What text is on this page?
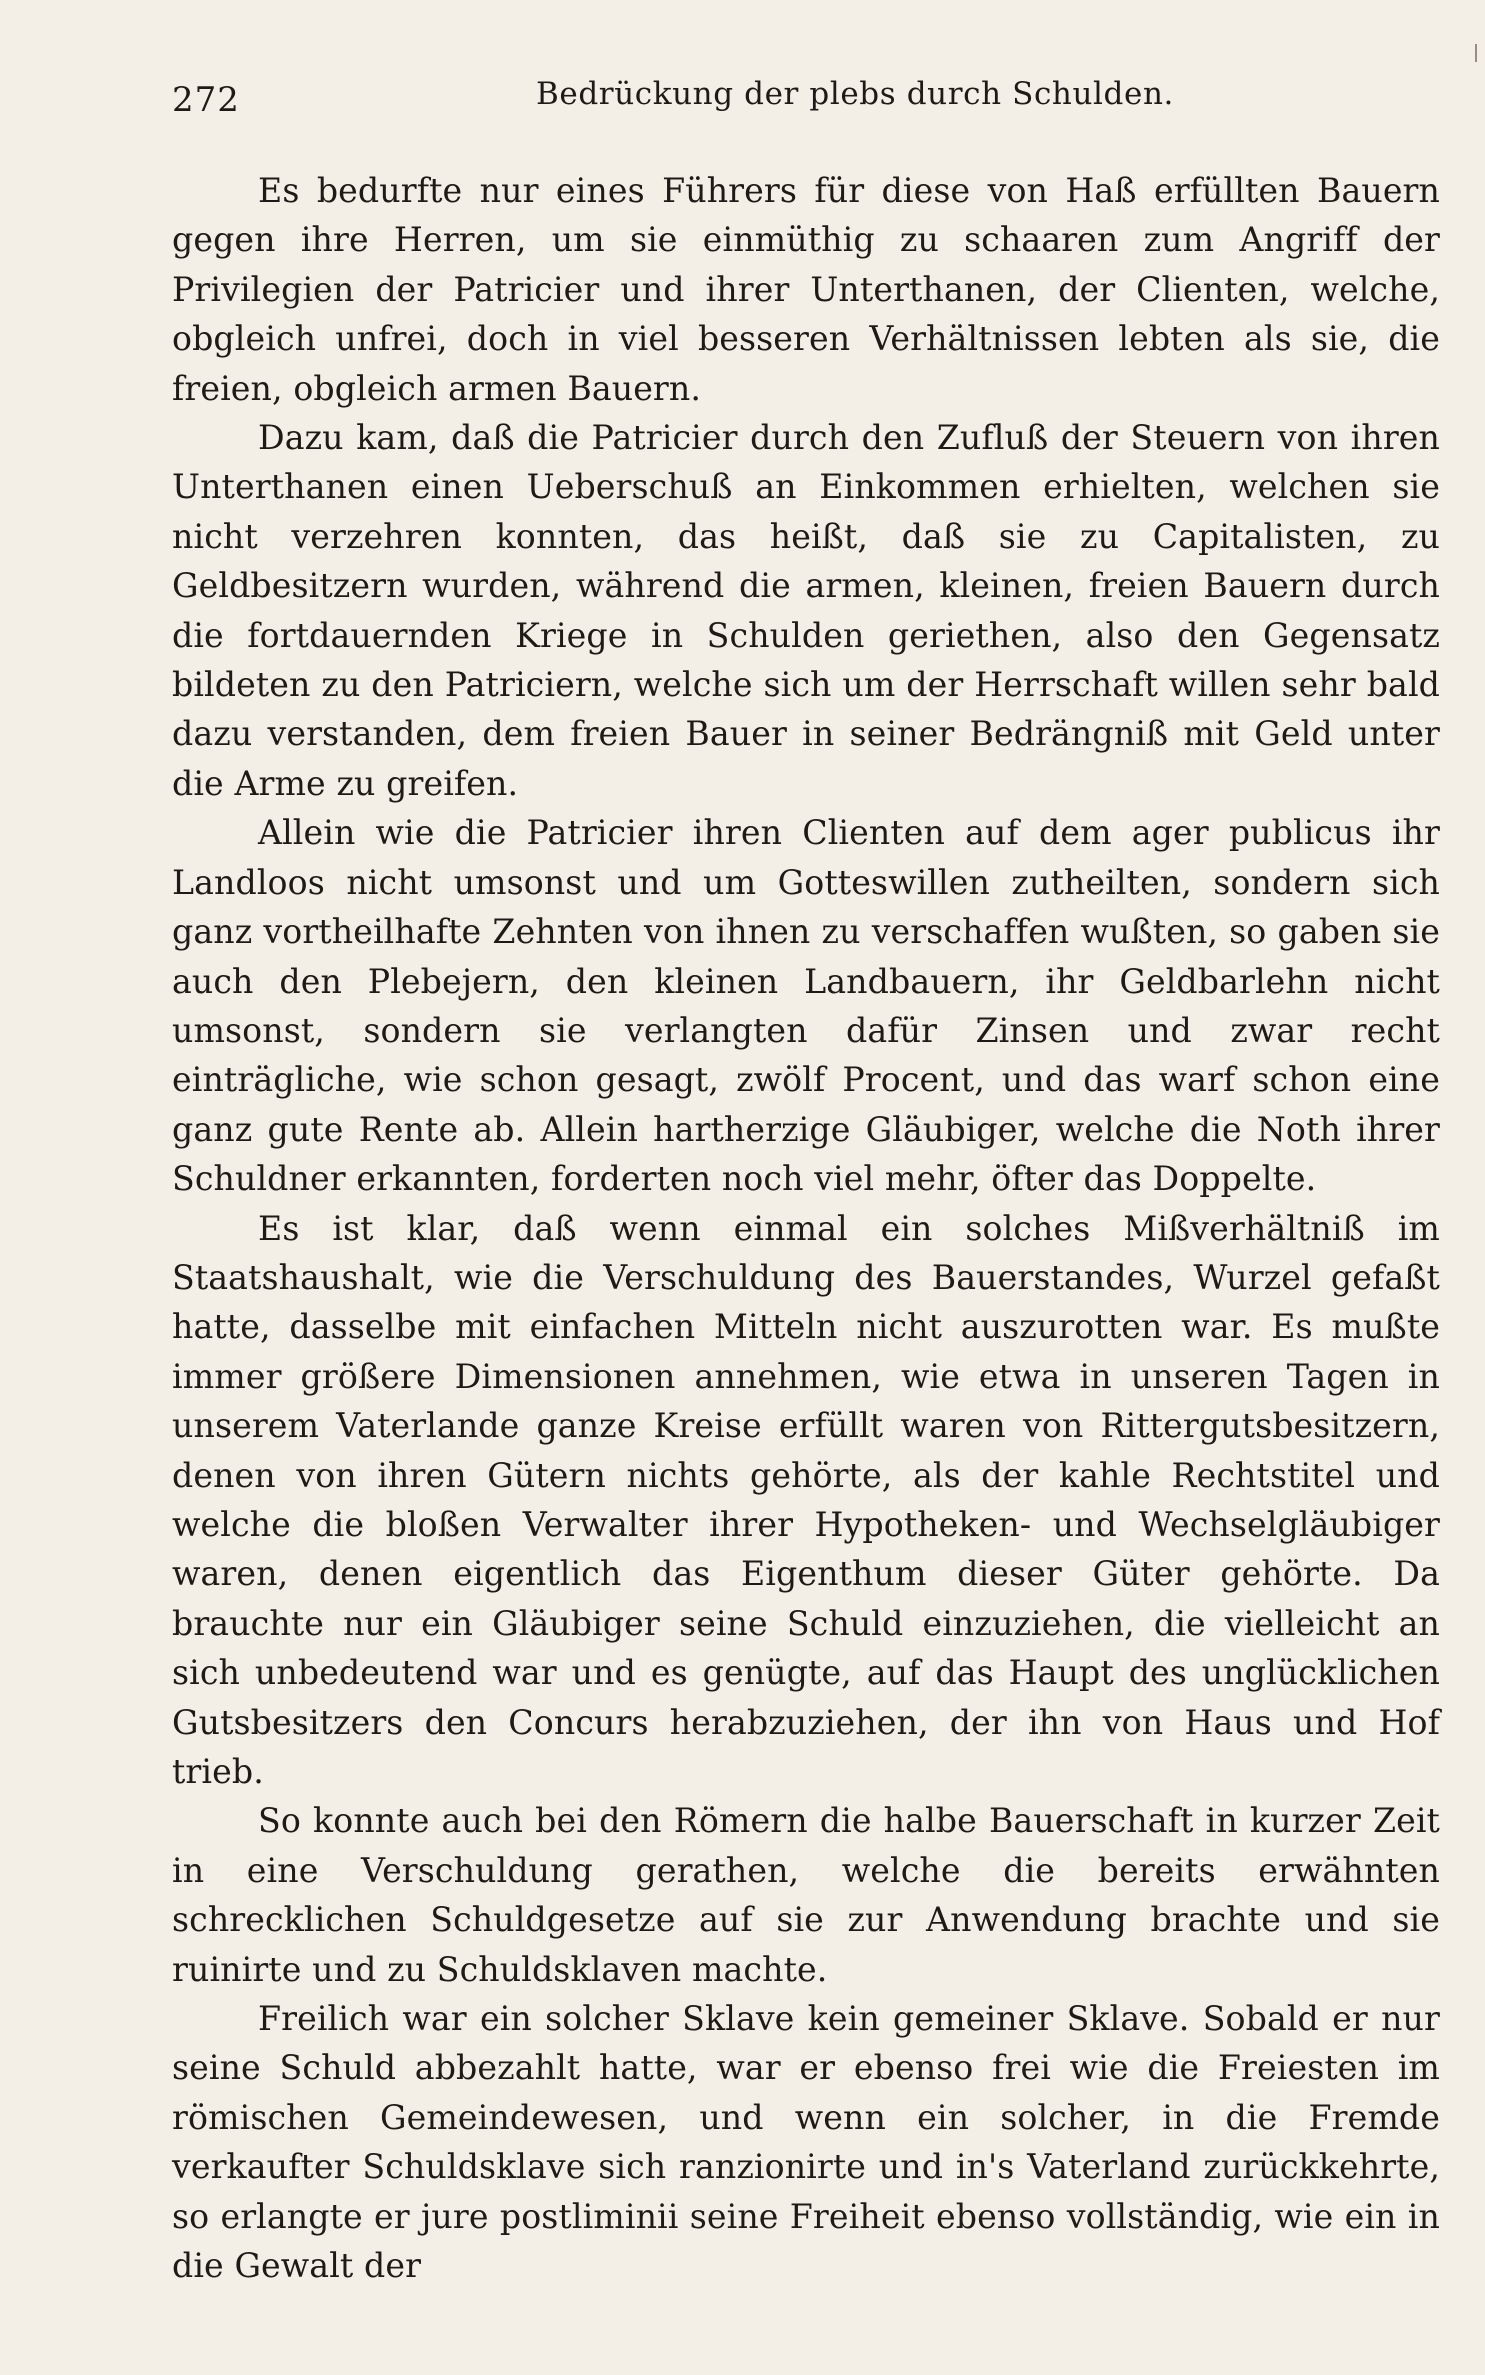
272	Bedrückung der plebs durch Schulden.

Es bedurfte nur eines Führers für diese von Haß erfüllten Bauern gegen ihre Herren, um sie einmüthig zu schaaren zum Angriff der Privilegien der Patricier und ihrer Unterthanen, der Clienten, welche, obgleich unfrei, doch in viel besseren Verhältnissen lebten als sie, die freien, obgleich armen Bauern.

Dazu kam, daß die Patricier durch den Zufluß der Steuern von ihren Unterthanen einen Ueberschuß an Einkommen erhielten, welchen sie nicht verzehren konnten, das heißt, daß sie zu Capitalisten, zu Geldbesitzern wurden, während die armen, kleinen, freien Bauern durch die fortdauernden Kriege in Schulden geriethen, also den Gegensatz bildeten zu den Patriciern, welche sich um der Herrschaft willen sehr bald dazu verstanden, dem freien Bauer in seiner Bedrängniß mit Geld unter die Arme zu greifen.

Allein wie die Patricier ihren Clienten auf dem ager publicus ihr Landloos nicht umsonst und um Gotteswillen zutheilten, sondern sich ganz vortheilhafte Zehnten von ihnen zu verschaffen wußten, so gaben sie auch den Plebejern, den kleinen Landbauern, ihr Geldbarlehn nicht umsonst, sondern sie verlangten dafür Zinsen und zwar recht einträgliche, wie schon gesagt, zwölf Procent, und das warf schon eine ganz gute Rente ab. Allein hartherzige Gläubiger, welche die Noth ihrer Schuldner erkannten, forderten noch viel mehr, öfter das Doppelte.

Es ist klar, daß wenn einmal ein solches Mißverhältniß im Staatshaushalt, wie die Verschuldung des Bauerstandes, Wurzel gefaßt hatte, dasselbe mit einfachen Mitteln nicht auszurotten war. Es mußte immer größere Dimensionen annehmen, wie etwa in unseren Tagen in unserem Vaterlande ganze Kreise erfüllt waren von Rittergutsbesitzern, denen von ihren Gütern nichts gehörte, als der kahle Rechtstitel und welche die bloßen Verwalter ihrer Hypotheken- und Wechselgläubiger waren, denen eigentlich das Eigenthum dieser Güter gehörte. Da brauchte nur ein Gläubiger seine Schuld einzuziehen, die vielleicht an sich unbedeutend war und es genügte, auf das Haupt des unglücklichen Gutsbesitzers den Concurs herabzuziehen, der ihn von Haus und Hof trieb.

So konnte auch bei den Römern die halbe Bauerschaft in kurzer Zeit in eine Verschuldung gerathen, welche die bereits erwähnten schrecklichen Schuldgesetze auf sie zur Anwendung brachte und sie ruinirte und zu Schuldsklaven machte.

Freilich war ein solcher Sklave kein gemeiner Sklave. Sobald er nur seine Schuld abbezahlt hatte, war er ebenso frei wie die Freiesten im römischen Gemeindewesen, und wenn ein solcher, in die Fremde verkaufter Schuldsklave sich ranzionirte und in's Vaterland zurückkehrte, so erlangte er jure postliminii seine Freiheit ebenso vollständig, wie ein in die Gewalt der
